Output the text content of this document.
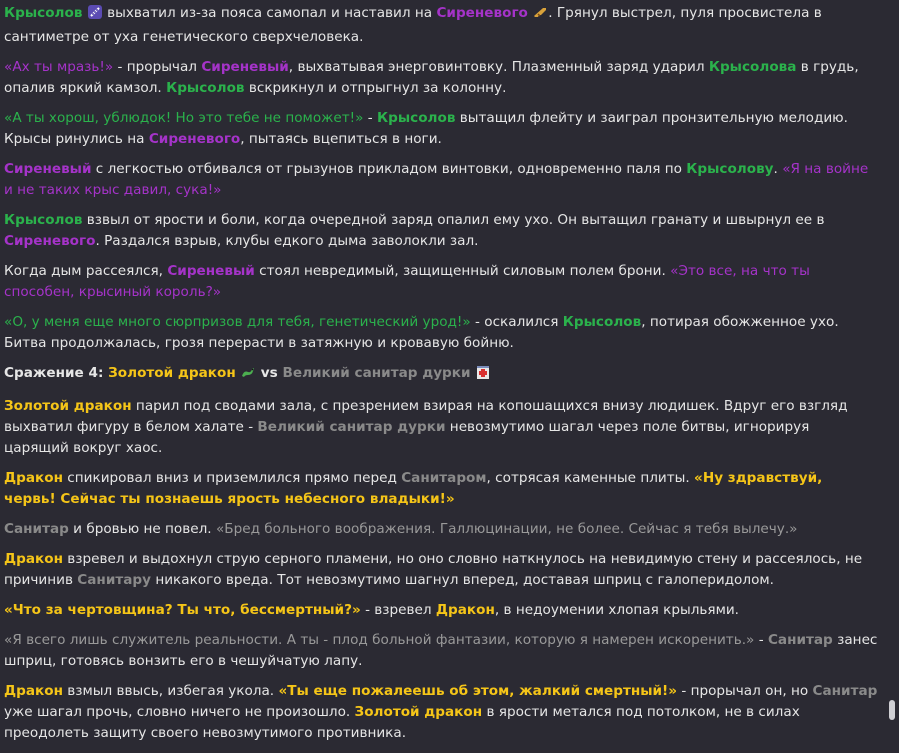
Крысолов выхватил из-за пояса самопал и наставил на Сиреневого . Грянул выстрел, пуля просвистела в сантиметре от уха генетического сверхчеловека.

«Ах ты мразь!» - прорычал Сиреневый, выхватывая энерговинтовку. Плазменный заряд ударил Крысолова в грудь, опалив яркий камзол. Крысолов вскрикнул и отпрыгнул за колонну.

«А ты хорош, ублюдок! Но это тебе не поможет!» - Крысолов вытащил флейту и заиграл пронзительную мелодию. Крысы ринулись на Сиреневого, пытаясь вцепиться в ноги.

Сиреневый с легкостью отбивался от грызунов прикладом винтовки, одновременно паля по Крысолову. «Я на войне и не таких крыс давил, сука!»

Крысолов взвыл от ярости и боли, когда очередной заряд опалил ему ухо. Он вытащил гранату и швырнул ее в Сиреневого. Раздался взрыв, клубы едкого дыма заволокли зал.

Когда дым рассеялся, Сиреневый стоял невредимый, защищенный силовым полем брони. «Это все, на что ты способен, крысиный король?»

«О, у меня еще много сюрпризов для тебя, генетический урод!» - оскалился Крысолов, потирая обожженное ухо. Битва продолжалась, грозя перерасти в затяжную и кровавую бойню.

Сражение 4: Золотой дракон  vs Великий санитар дурки

Золотой дракон парил под сводами зала, с презрением взирая на копошащихся внизу людишек. Вдруг его взгляд выхватил фигуру в белом халате - Великий санитар дурки невозмутимо шагал через поле битвы, игнорируя царящий вокруг хаос.

Дракон спикировал вниз и приземлился прямо перед Санитаром, сотрясая каменные плиты. «Ну здравствуй, червь! Сейчас ты познаешь ярость небесного владыки!»

Санитар и бровью не повел. «Бред больного воображения. Галлюцинации, не более. Сейчас я тебя вылечу.»

Дракон взревел и выдохнул струю серного пламени, но оно словно наткнулось на невидимую стену и рассеялось, не причинив Санитару никакого вреда. Тот невозмутимо шагнул вперед, доставая шприц с галоперидолом.

«Что за чертовщина? Ты что, бессмертный?» - взревел Дракон, в недоумении хлопая крыльями.

«Я всего лишь служитель реальности. А ты - плод больной фантазии, которую я намерен искоренить.» - Санитар занес шприц, готовясь вонзить его в чешуйчатую лапу.

Дракон взмыл ввысь, избегая укола. «Ты еще пожалеешь об этом, жалкий смертный!» - прорычал он, но Санитар уже шагал прочь, словно ничего не произошло. Золотой дракон в ярости метался под потолком, не в силах преодолеть защиту своего невозмутимого противника.
